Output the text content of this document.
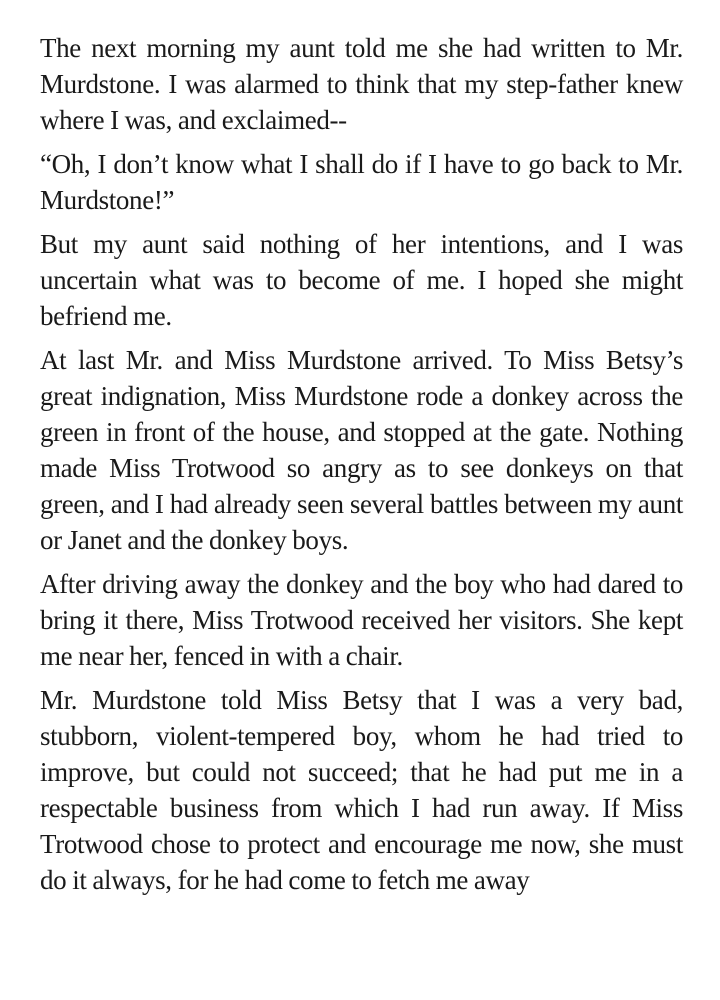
The next morning my aunt told me she had written to Mr. Murdstone. I was alarmed to think that my step-father knew where I was, and exclaimed--

“Oh, I don’t know what I shall do if I have to go back to Mr. Murdstone!”

But my aunt said nothing of her intentions, and I was uncertain what was to become of me. I hoped she might befriend me.

At last Mr. and Miss Murdstone arrived. To Miss Betsy’s great indignation, Miss Murdstone rode a donkey across the green in front of the house, and stopped at the gate. Nothing made Miss Trotwood so angry as to see donkeys on that green, and I had already seen several battles between my aunt or Janet and the donkey boys.

After driving away the donkey and the boy who had dared to bring it there, Miss Trotwood received her visitors. She kept me near her, fenced in with a chair.

Mr. Murdstone told Miss Betsy that I was a very bad, stubborn, violent-tempered boy, whom he had tried to improve, but could not succeed; that he had put me in a respectable business from which I had run away. If Miss Trotwood chose to protect and encourage me now, she must do it always, for he had come to fetch me away
